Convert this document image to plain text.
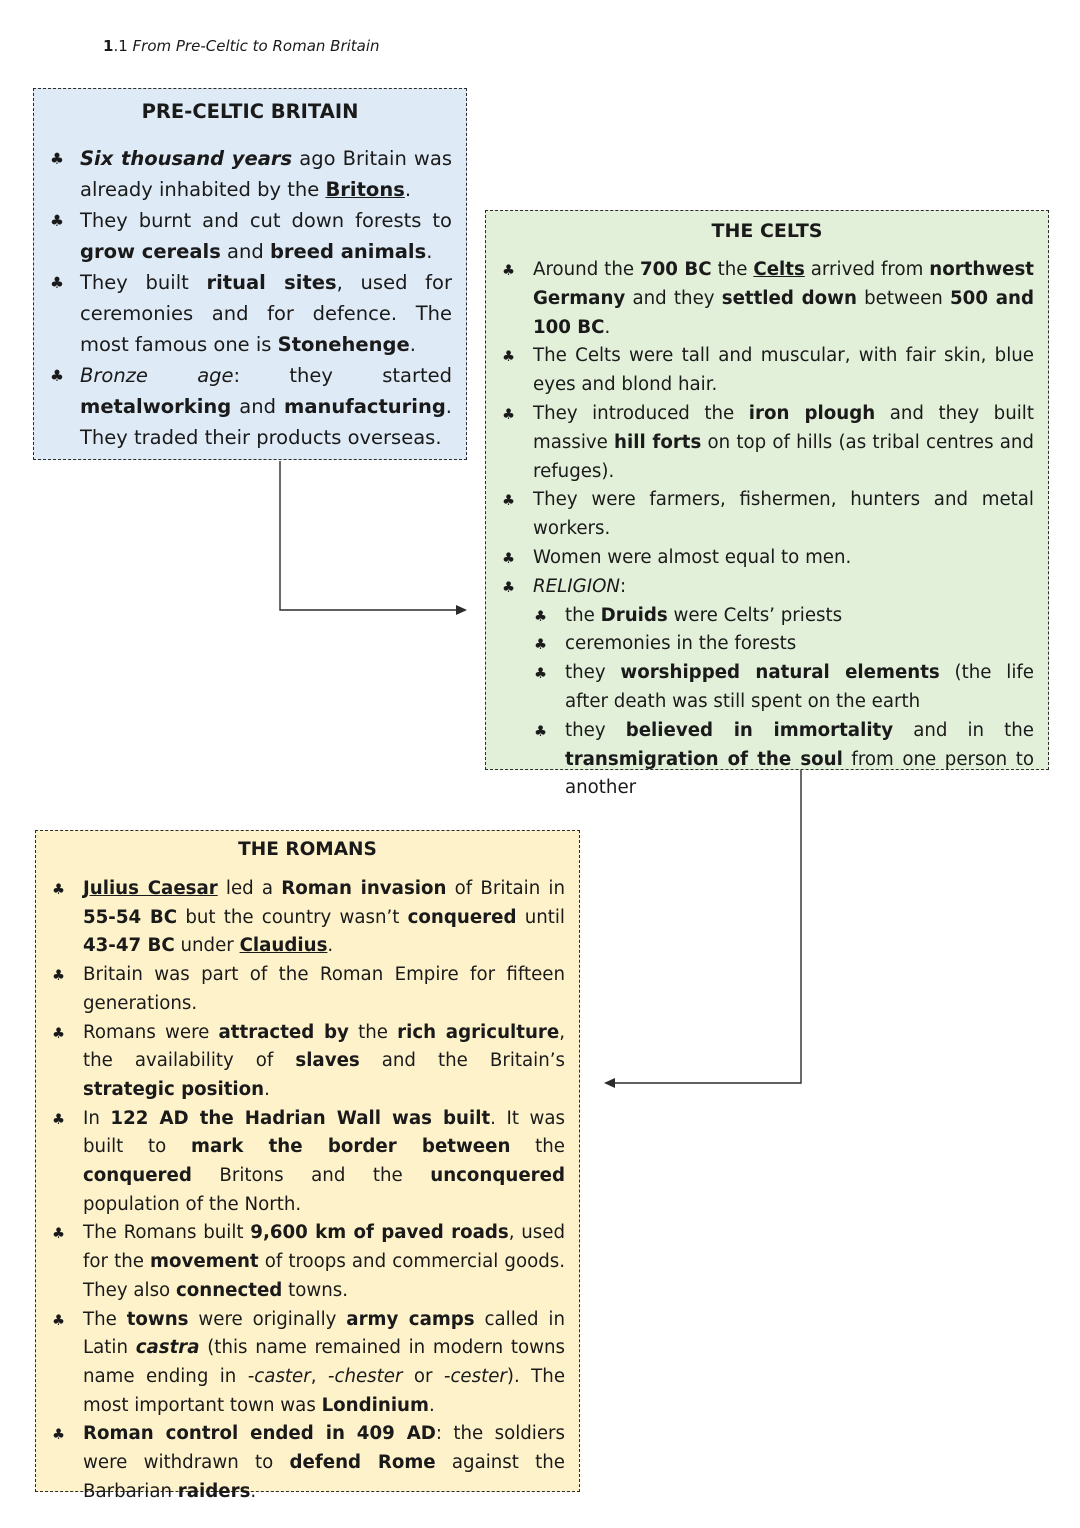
1.1 From Pre-Celtic to Roman Britain
PRE-CELTIC BRITAIN
♣ Six thousand years ago Britain was already inhabited by the Britons.
♣ They burnt and cut down forests to grow cereals and breed animals.
♣ They built ritual sites, used for ceremonies and for defence. The most famous one is Stonehenge.
♣ Bronze age: they started metalworking and manufacturing. They traded their products overseas.
THE CELTS
♣ Around the 700 BC the Celts arrived from northwest Germany and they settled down between 500 and 100 BC.
♣ The Celts were tall and muscular, with fair skin, blue eyes and blond hair.
♣ They introduced the iron plough and they built massive hill forts on top of hills (as tribal centres and refuges).
♣ They were farmers, fishermen, hunters and metal workers.
♣ Women were almost equal to men.
♣ RELIGION:
♣ the Druids were Celts’ priests
♣ ceremonies in the forests
♣ they worshipped natural elements (the life after death was still spent on the earth
♣ they believed in immortality and in the transmigration of the soul from one person to another
THE ROMANS
♣ Julius Caesar led a Roman invasion of Britain in 55-54 BC but the country wasn’t conquered until 43-47 BC under Claudius.
♣ Britain was part of the Roman Empire for fifteen generations.
♣ Romans were attracted by the rich agriculture, the availability of slaves and the Britain’s strategic position.
♣ In 122 AD the Hadrian Wall was built. It was built to mark the border between the conquered Britons and the unconquered population of the North.
♣ The Romans built 9,600 km of paved roads, used for the movement of troops and commercial goods. They also connected towns.
♣ The towns were originally army camps called in Latin castra (this name remained in modern towns name ending in -caster, -chester or -cester). The most important town was Londinium.
♣ Roman control ended in 409 AD: the soldiers were withdrawn to defend Rome against the Barbarian raiders.
